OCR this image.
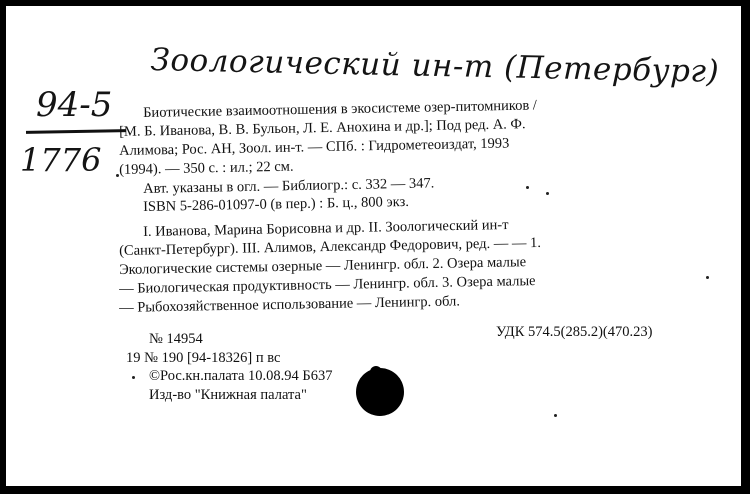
Зоологический ин-т (Петербург)
94-5
1776
Биотические взаимоотношения в экосистеме озер-питомников /
[М. Б. Иванова, В. В. Бульон, Л. Е. Анохина и др.]; Под ред. А. Ф.
Алимова; Рос. АН, Зоол. ин-т. — СПб. : Гидрометеоиздат, 1993
(1994). — 350 с. : ил.; 22 см.
Авт. указаны в огл. — Библиогр.: с. 332 — 347.
ISBN 5-286-01097-0 (в пер.) : Б. ц., 800 экз.
I. Иванова, Марина Борисовна и др. II. Зоологический ин-т
(Санкт-Петербург). III. Алимов, Александр Федорович, ред. — — 1.
Экологические системы озерные — Ленингр. обл. 2. Озера малые
— Биологическая продуктивность — Ленингр. обл. 3. Озера малые
— Рыбохозяйственное использование — Ленингр. обл.
№ 14954	УДК 574.5(285.2)(470.23)
19 № 190 [94-18326] п вс
©Рос.кн.палата 10.08.94 Б637
Изд-во "Книжная палата"
